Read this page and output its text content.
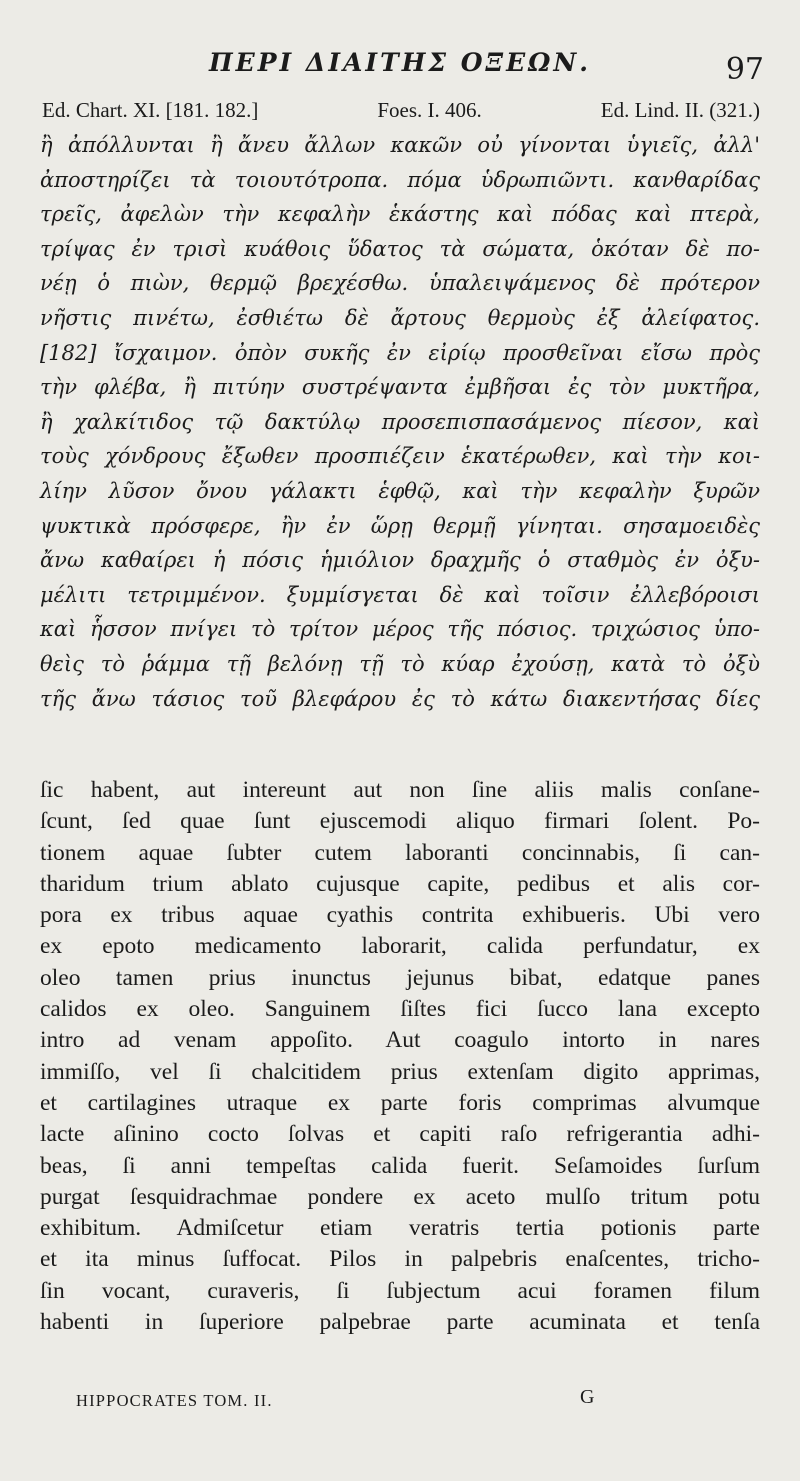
ΠΕΡΙ ΔΙΑΙΤΗΣ ΟΞΕΩΝ.	97
Ed. Chart. XI. [181. 182.]	Foes. I. 406.	Ed. Lind. II. (321.)
ἢ ἀπόλλυνται ἢ ἄνευ ἄλλων κακῶν οὐ γίνονται ὑγιεῖς, ἀλλ'
ἀποστηρίζει τὰ τοιουτότροπα. πόμα ὑδρωπιῶντι. κανθαρίδας
τρεῖς, ἀφελὼν τὴν κεφαλὴν ἑκάστης καὶ πόδας καὶ πτερὰ,
τρίψας ἐν τρισὶ κυάθοις ὕδατος τὰ σώματα, ὁκόταν δὲ πο-
νέῃ ὁ πιὼν, θερμῷ βρεχέσθω. ὑπαλειψάμενος δὲ πρότερον
νῆστις πινέτω, ἐσθιέτω δὲ ἄρτους θερμοὺς ἐξ ἀλείφατος.
[182] ἴσχαιμον. ὀπὸν συκῆς ἐν εἰρίῳ προσθεῖναι εἴσω πρὸς
τὴν φλέβα, ἢ πιτύην συστρέψαντα ἐμβῆσαι ἐς τὸν μυκτῆρα,
ἢ χαλκίτιδος τῷ δακτύλῳ προσεπισπασάμενος πίεσον, καὶ
τοὺς χόνδρους ἔξωθεν προσπιέζειν ἑκατέρωθεν, καὶ τὴν κοι-
λίην λῦσον ὄνου γάλακτι ἑφθῷ, καὶ τὴν κεφαλὴν ξυρῶν
ψυκτικὰ πρόσφερε, ἢν ἐν ὥρῃ θερμῇ γίνηται. σησαμοειδὲς
ἄνω καθαίρει ἡ πόσις ἡμιόλιον δραχμῆς ὁ σταθμὸς ἐν ὀξυ-
μέλιτι τετριμμένον. ξυμμίσγεται δὲ καὶ τοῖσιν ἐλλεβόροισι
καὶ ἧσσον πνίγει τὸ τρίτον μέρος τῆς πόσιος. τριχώσιος ὑπο-
θεὶς τὸ ῥάμμα τῇ βελόνῃ τῇ τὸ κύαρ ἐχούσῃ, κατὰ τὸ ὀξὺ
τῆς ἄνω τάσιος τοῦ βλεφάρου ἐς τὸ κάτω διακεντήσας δίες
ſic habent, aut intereunt aut non ſine aliis malis conſane-
ſcunt, ſed quae ſunt ejuscemodi aliquo firmari ſolent. Po-
tionem aquae ſubter cutem laboranti concinnabis, ſi can-
tharidum trium ablato cujusque capite, pedibus et alis cor-
pora ex tribus aquae cyathis contrita exhibueris. Ubi vero
ex epoto medicamento laborarit, calida perfundatur, ex
oleo tamen prius inunctus jejunus bibat, edatque panes
calidos ex oleo. Sanguinem ſiſtes fici ſucco lana excepto
intro ad venam appoſito. Aut coagulo intorto in nares
immiſſo, vel ſi chalcitidem prius extenſam digito apprimas,
et cartilagines utraque ex parte foris comprimas alvumque
lacte aſinino cocto ſolvas et capiti raſo refrigerantia adhi-
beas, ſi anni tempeſtas calida fuerit. Seſamoides ſurſum
purgat ſesquidrachmae pondere ex aceto mulſo tritum potu
exhibitum. Admiſcetur etiam veratris tertia potionis parte
et ita minus ſuffocat. Pilos in palpebris enaſcentes, tricho-
ſin vocant, curaveris, ſi ſubjectum acui foramen filum
habenti in ſuperiore palpebrae parte acuminata et tenſa
HIPPOCRATES TOM. II.	G
